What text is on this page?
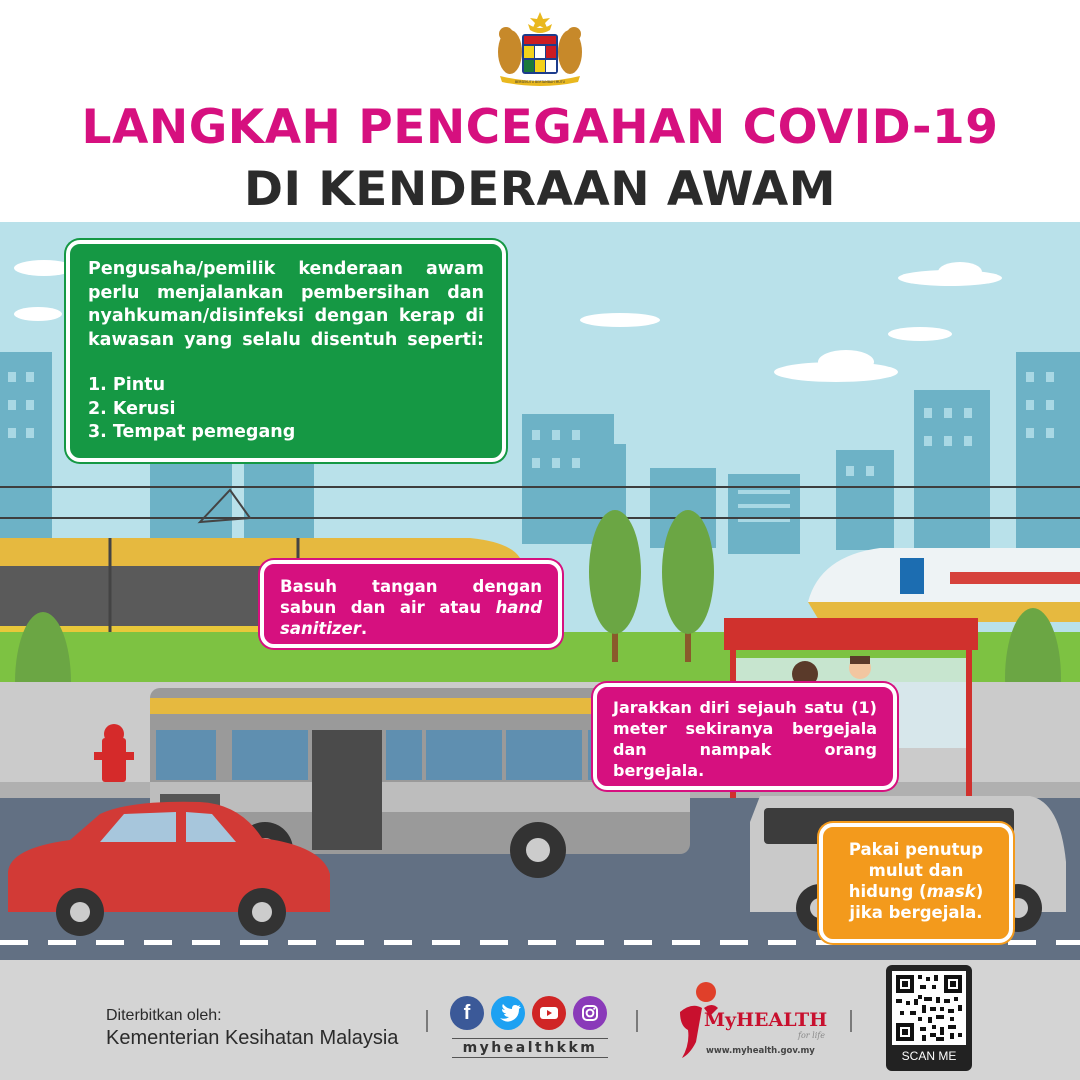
BERSEKUTU BERTAMBAH MUTU
LANGKAH PENCEGAHAN COVID-19
DI KENDERAAN AWAM
Pengusaha/pemilik kenderaan awam
perlu menjalankan pembersihan dan
nyahkuman/disinfeksi dengan kerap di
kawasan yang selalu disentuh seperti:
1. Pintu
2. Kerusi
3. Tempat pemegang
Basuh tangan dengan
sabun dan air atau hand
sanitizer.
Jarakkan diri sejauh satu (1)
meter sekiranya bergejala
dan nampak orang
bergejala.
Pakai penutup
mulut dan
hidung (mask)
jika bergejala.
Diterbitkan oleh:
Kementerian Kesihatan Malaysia
f
myhealthkkm
MyHEALTH
for life
www.myhealth.gov.my	SCAN ME
